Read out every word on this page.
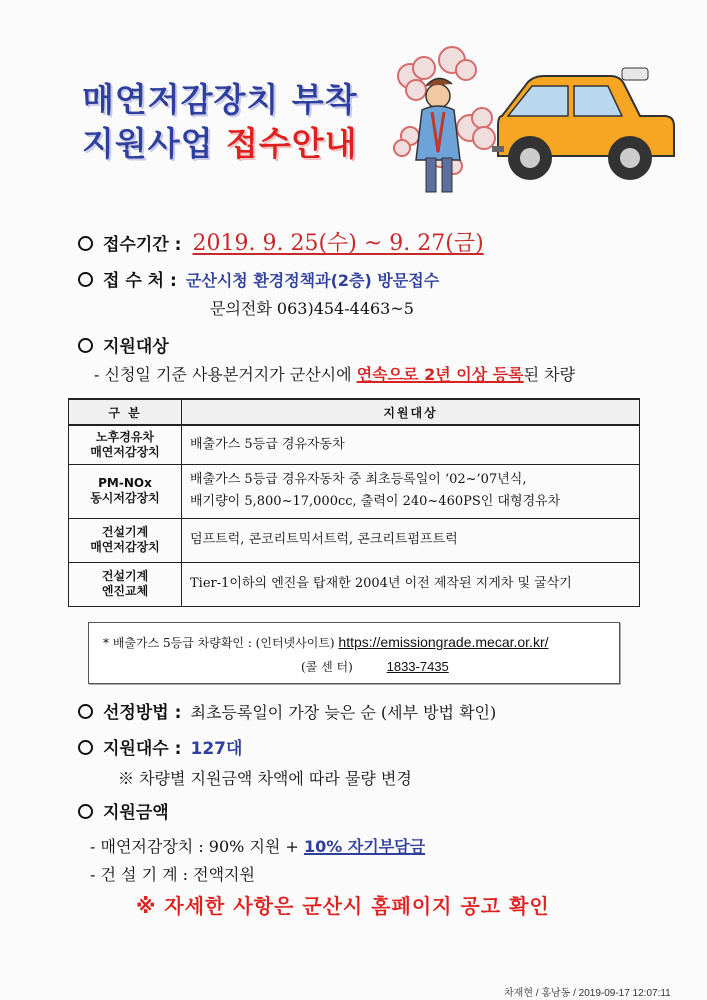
매연저감장치 부착
지원사업 접수안내
접수기간 : 2019. 9. 25(수) ~ 9. 27(금)
접 수 처 : 군산시청 환경정책과(2층) 방문접수
문의전화 063)454-4463~5
지원대상
- 신청일 기준 사용본거지가 군산시에 연속으로 2년 이상 등록된 차량
구 분	지원대상
노후경유차
매연저감장치	배출가스 5등급 경유자동차
PM-NOx
동시저감장치	배출가스 5등급 경유자동차 중 최초등록일이 ‘02~’07년식,
배기량이 5,800~17,000cc, 출력이 240~460PS인 대형경유차
건설기계
매연저감장치	덤프트럭, 콘코리트믹서트럭, 콘크리트펌프트럭
건설기계
엔진교체	Tier-1이하의 엔진을 탑재한 2004년 이전 제작된 지게차 및 굴삭기
* 배출가스 5등급 차량확인 : (인터넷사이트) https://emissiongrade.mecar.or.kr/
(콜 센 터)	1833-7435
선정방법 : 최초등록일이 가장 늦은 순 (세부 방법 확인)
지원대수 : 127대
※ 차량별 지원금액 차액에 따라 물량 변경
지원금액
- 매연저감장치 : 90% 지원 + 10% 자기부담금
- 건 설 기 계 : 전액지원
※ 자세한 사항은 군산시 홈페이지 공고 확인
차재현 / 홍남동 / 2019-09-17 12:07:11
